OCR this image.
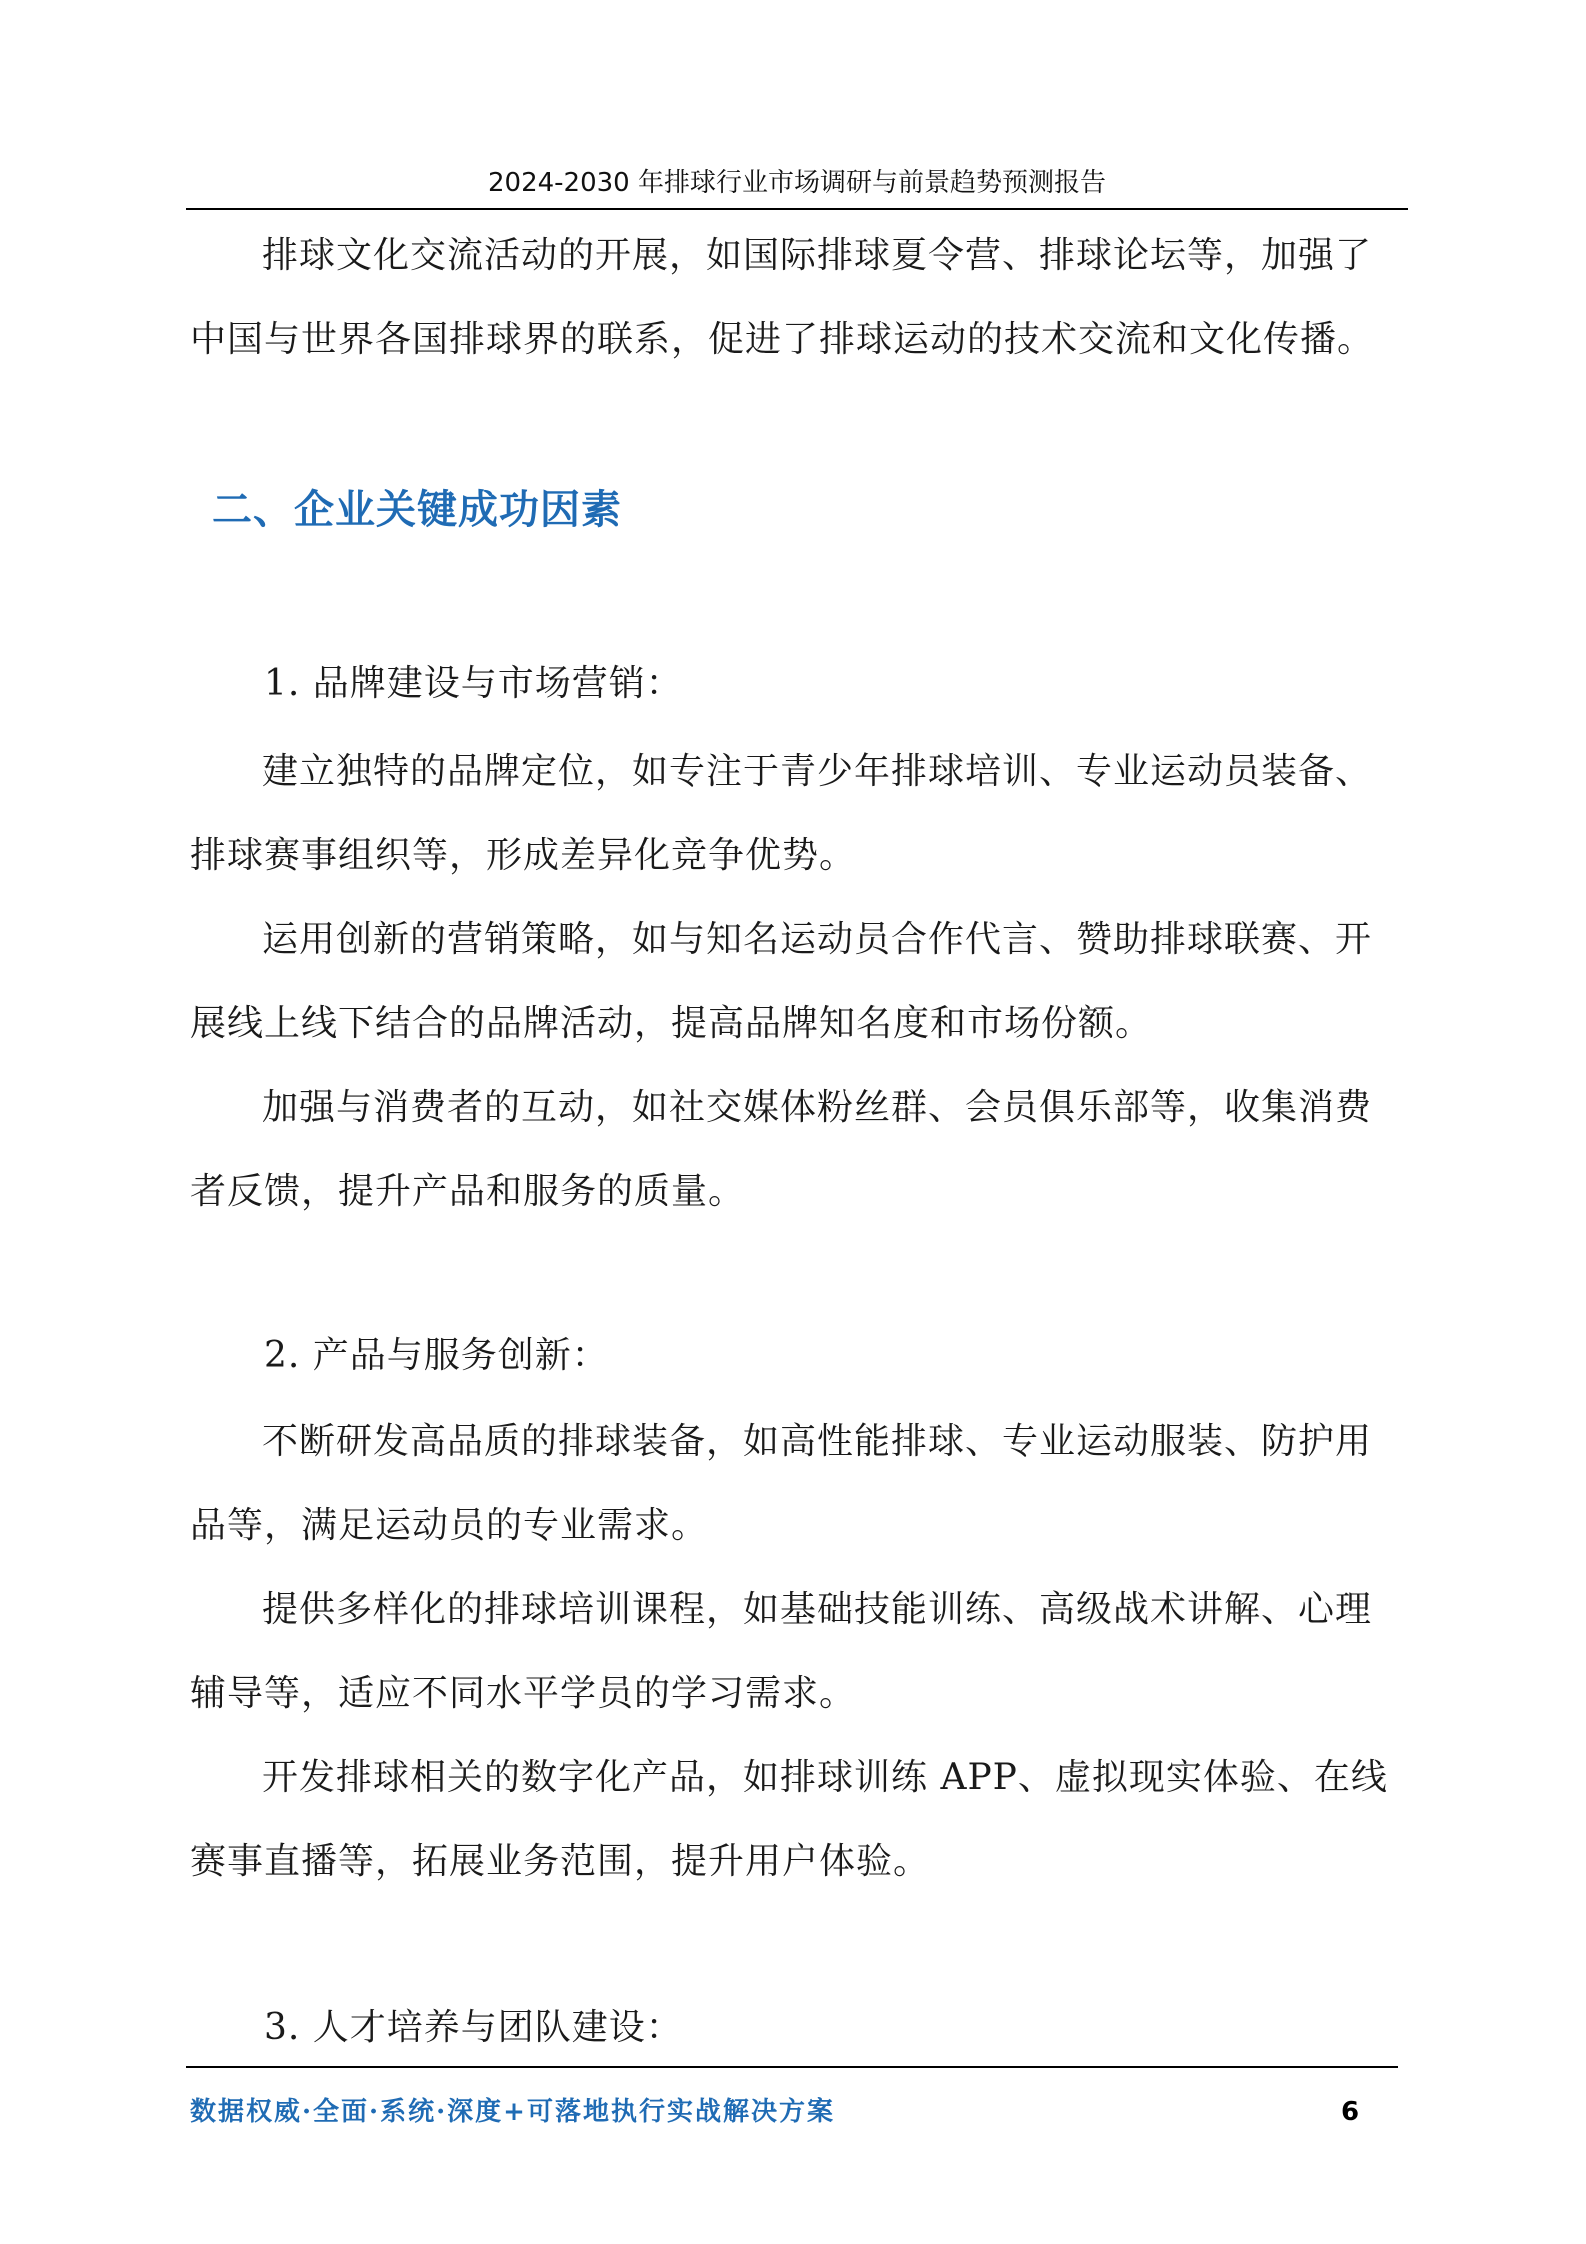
2024-2030 年排球行业市场调研与前景趋势预测报告

排球文化交流活动的开展，如国际排球夏令营、排球论坛等，加强了中国与世界各国排球界的联系，促进了排球运动的技术交流和文化传播。

二、企业关键成功因素
1. 品牌建设与市场营销：

建立独特的品牌定位，如专注于青少年排球培训、专业运动员装备、排球赛事组织等，形成差异化竞争优势。

运用创新的营销策略，如与知名运动员合作代言、赞助排球联赛、开展线上线下结合的品牌活动，提高品牌知名度和市场份额。

加强与消费者的互动，如社交媒体粉丝群、会员俱乐部等，收集消费者反馈，提升产品和服务的质量。

2. 产品与服务创新：

不断研发高品质的排球装备，如高性能排球、专业运动服装、防护用品等，满足运动员的专业需求。

提供多样化的排球培训课程，如基础技能训练、高级战术讲解、心理辅导等，适应不同水平学员的学习需求。

开发排球相关的数字化产品，如排球训练 APP、虚拟现实体验、在线赛事直播等，拓展业务范围，提升用户体验。

3. 人才培养与团队建设：
数据权威·全面·系统·深度+可落地执行实战解决方案	6
